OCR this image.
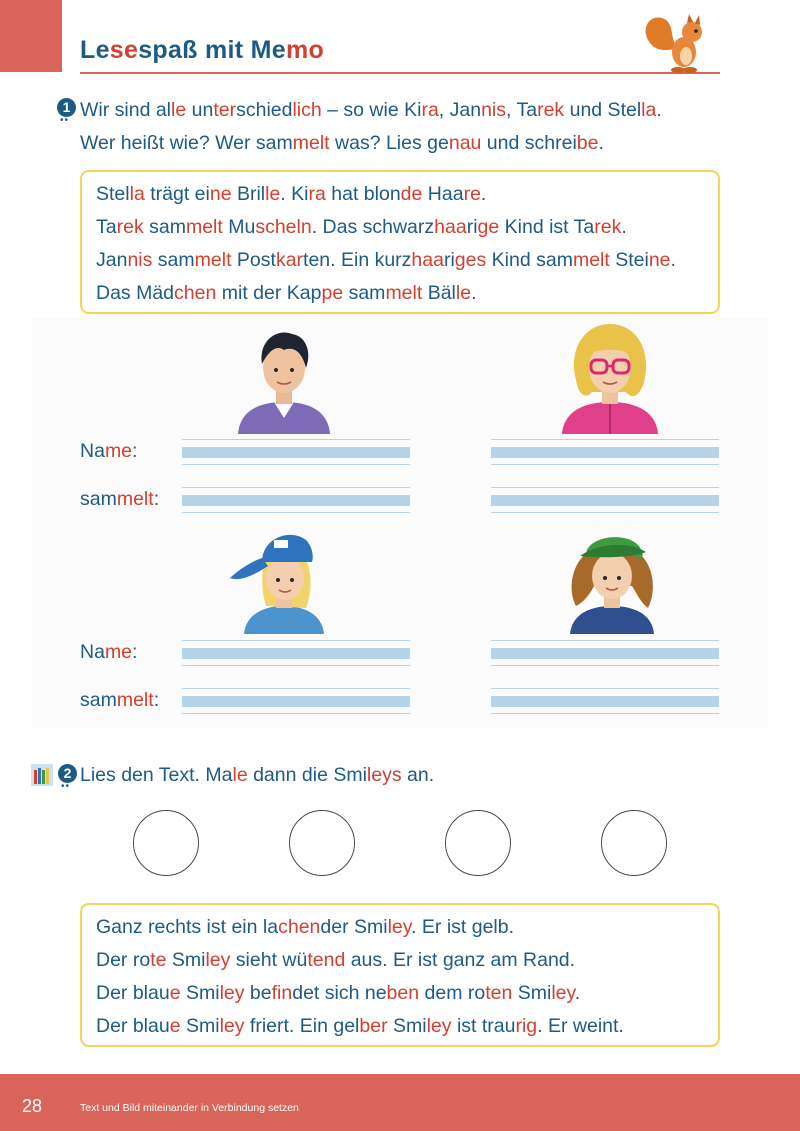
Lesespaß mit Memo
1
•• Wir sind alle unterschiedlich – so wie Kira, Jannis, Tarek und Stella.
Wer heißt wie? Wer sammelt was? Lies genau und schreibe.
Stella trägt eine Brille. Kira hat blonde Haare.
Tarek sammelt Muscheln. Das schwarzhaarige Kind ist Tarek.
Jannis sammelt Postkarten. Ein kurzhaariges Kind sammelt Steine.
Das Mädchen mit der Kappe sammelt Bälle.
Name:
sammelt:
Name:
sammelt:
2
••
Lies den Text. Male dann die Smileys an.
Ganz rechts ist ein lachender Smiley. Er ist gelb.
Der rote Smiley sieht wütend aus. Er ist ganz am Rand.
Der blaue Smiley befindet sich neben dem roten Smiley.
Der blaue Smiley friert. Ein gelber Smiley ist traurig. Er weint.
28	Text und Bild miteinander in Verbindung setzen
